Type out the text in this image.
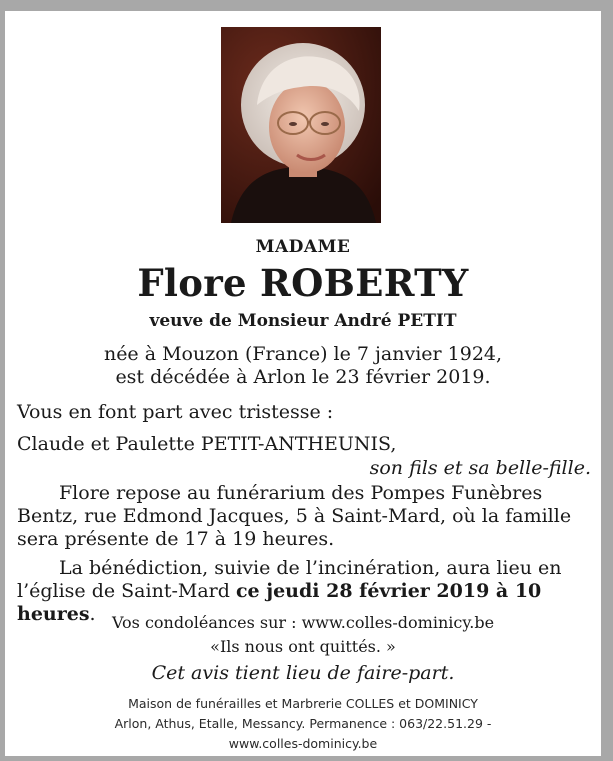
MADAME
Flore ROBERTY
veuve de Monsieur André PETIT
née à Mouzon (France) le 7 janvier 1924,
est décédée à Arlon le 23 février 2019.
Vous en font part avec tristesse :
Claude et Paulette PETIT-ANTHEUNIS,
son fils et sa belle-fille.
Flore repose au funérarium des Pompes Funèbres Bentz, rue Edmond Jacques, 5 à Saint-Mard, où la famille sera présente de 17 à 19 heures.
La bénédiction, suivie de l’incinération, aura lieu en l’église de Saint-Mard ce jeudi 28 février 2019 à 10 heures.	Vos condoléances sur : www.colles-dominicy.be
«Ils nous ont quittés. »
Cet avis tient lieu de faire-part.
Maison de funérailles et Marbrerie COLLES et DOMINICY
Arlon, Athus, Etalle, Messancy. Permanence : 063/22.51.29 -
www.colles-dominicy.be
